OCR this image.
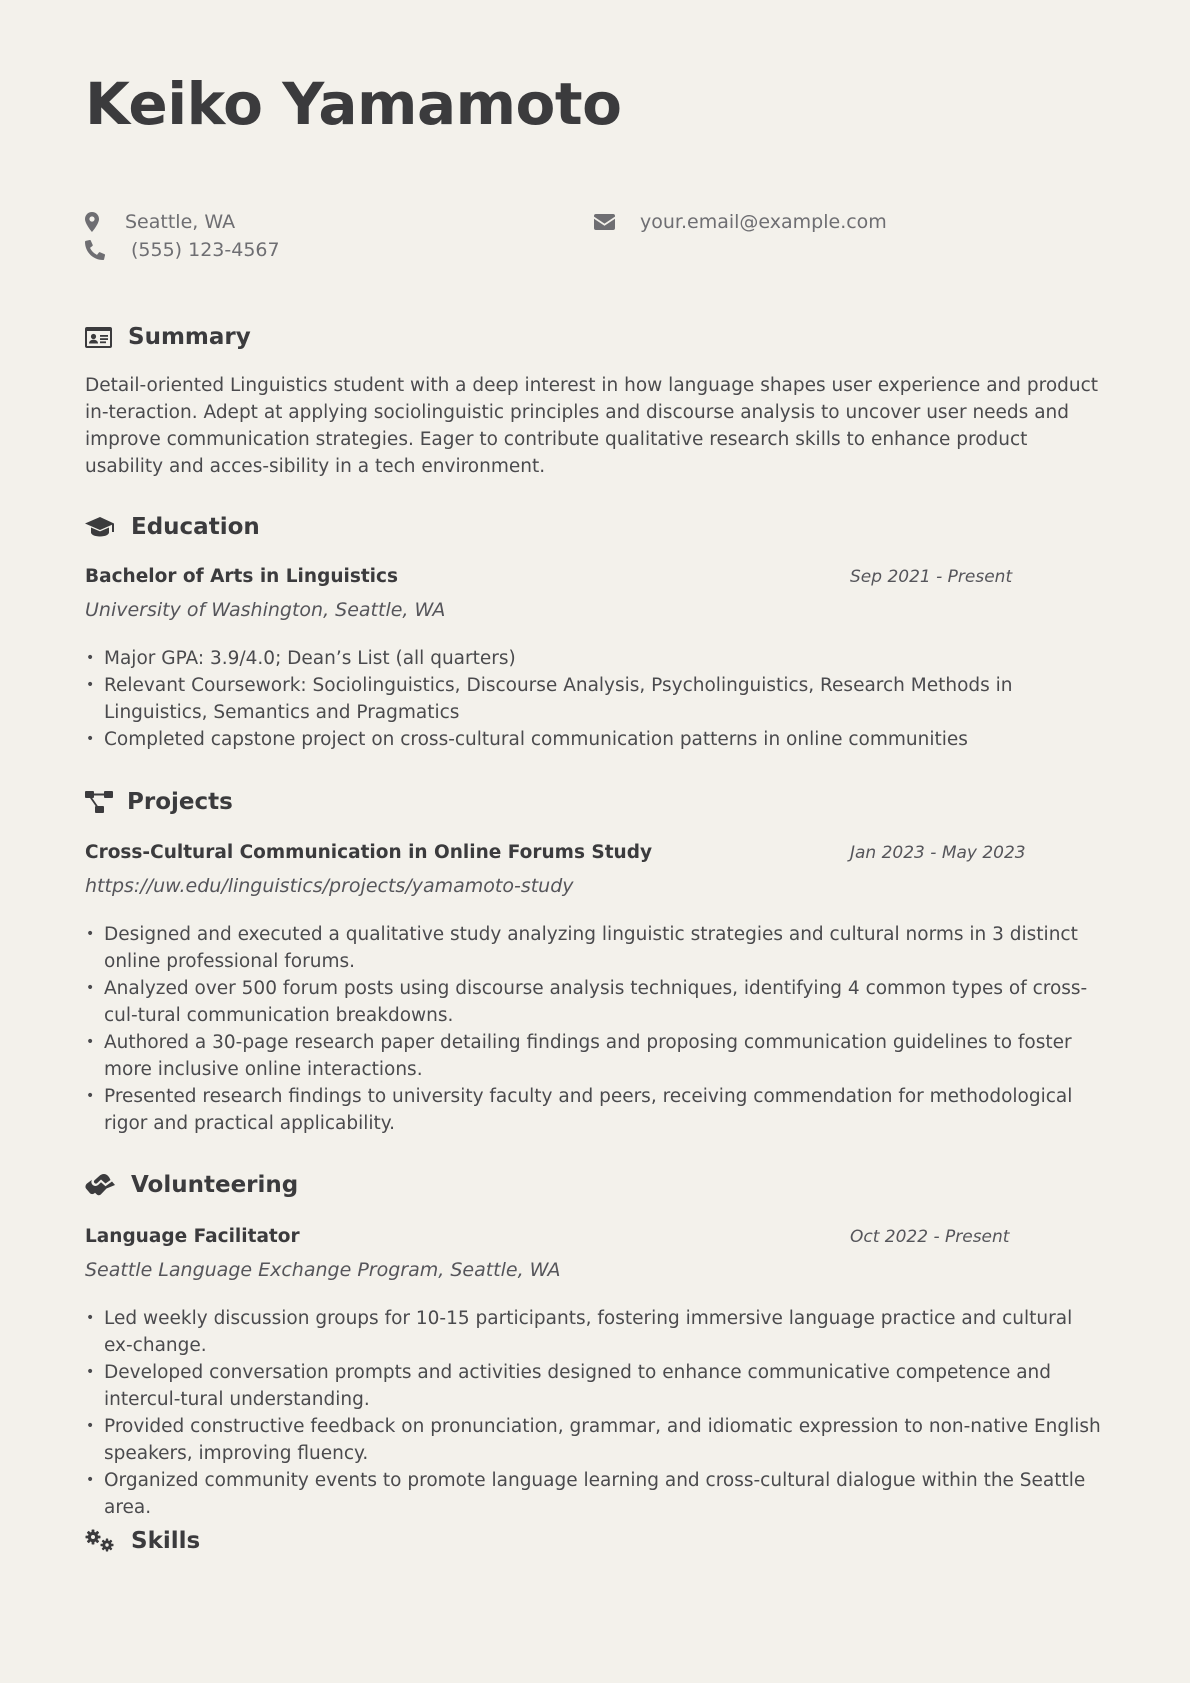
Keiko Yamamoto
Seattle, WA
(555) 123-4567
your.email@example.com
Summary

Detail-oriented Linguistics student with a deep interest in how language shapes user experience and product in-teraction. Adept at applying sociolinguistic principles and discourse analysis to uncover user needs and improve communication strategies. Eager to contribute qualitative research skills to enhance product usability and acces-sibility in a tech environment.

Education
Bachelor of Arts in Linguistics	Sep 2021 - Present
University of Washington, Seattle, WA
• Major GPA: 3.9/4.0; Dean’s List (all quarters)
• Relevant Coursework: Sociolinguistics, Discourse Analysis, Psycholinguistics, Research Methods in Linguistics, Semantics and Pragmatics
• Completed capstone project on cross-cultural communication patterns in online communities
Projects
Cross-Cultural Communication in Online Forums Study	Jan 2023 - May 2023
https://uw.edu/linguistics/projects/yamamoto-study
• Designed and executed a qualitative study analyzing linguistic strategies and cultural norms in 3 distinct online professional forums.
• Analyzed over 500 forum posts using discourse analysis techniques, identifying 4 common types of cross-cul-tural communication breakdowns.
• Authored a 30-page research paper detailing findings and proposing communication guidelines to foster more inclusive online interactions.
• Presented research findings to university faculty and peers, receiving commendation for methodological rigor and practical applicability.
Volunteering
Language Facilitator	Oct 2022 - Present
Seattle Language Exchange Program, Seattle, WA
• Led weekly discussion groups for 10-15 participants, fostering immersive language practice and cultural ex-change.
• Developed conversation prompts and activities designed to enhance communicative competence and intercul-tural understanding.
• Provided constructive feedback on pronunciation, grammar, and idiomatic expression to non-native English speakers, improving fluency.
• Organized community events to promote language learning and cross-cultural dialogue within the Seattle area.
Skills
